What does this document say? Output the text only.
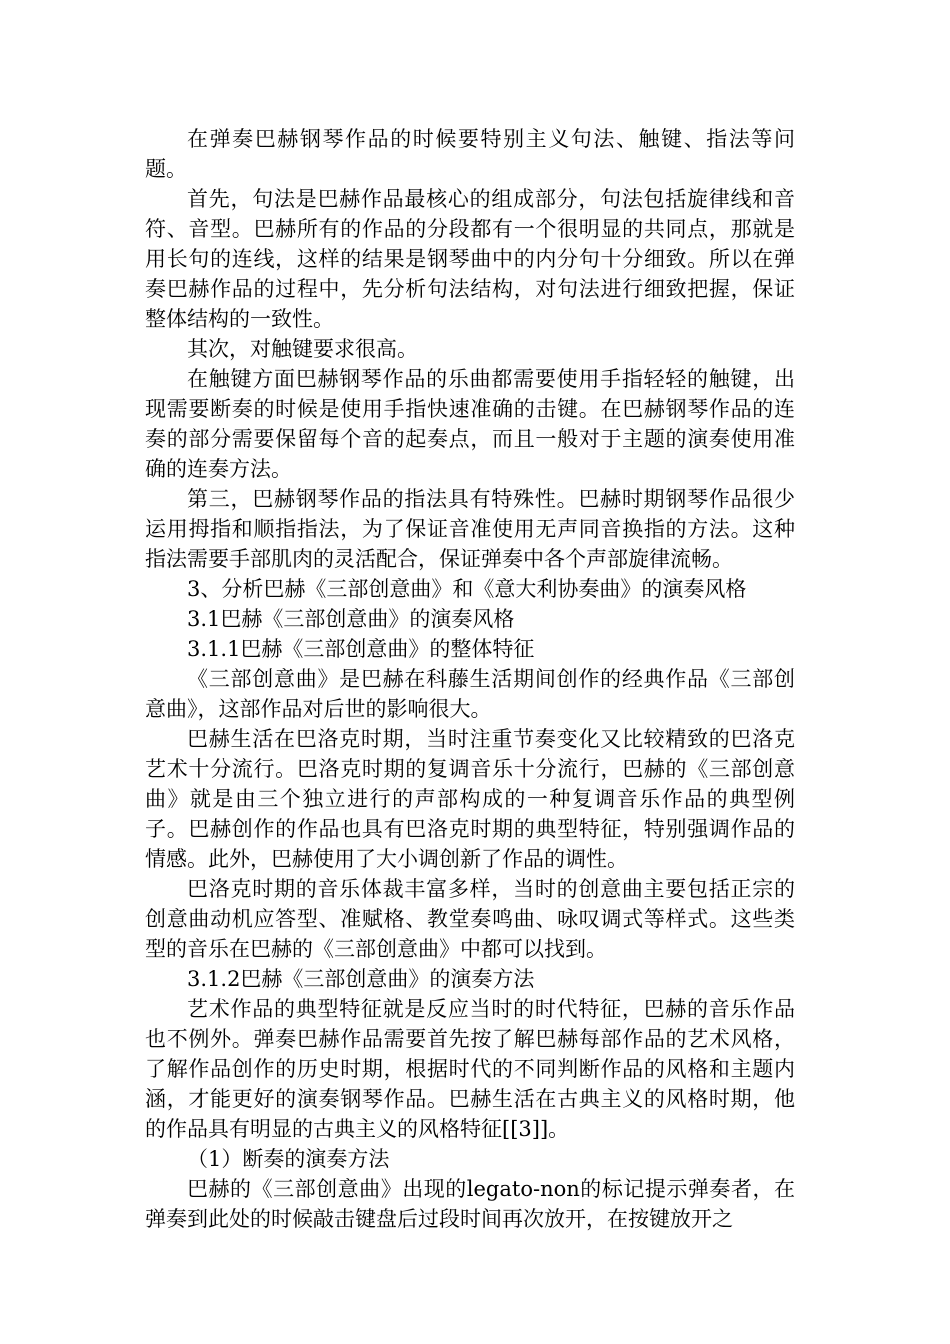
在弹奏巴赫钢琴作品的时候要特别主义句法、触键、指法等问题。

首先，句法是巴赫作品最核心的组成部分，句法包括旋律线和音符、音型。巴赫所有的作品的分段都有一个很明显的共同点，那就是用长句的连线，这样的结果是钢琴曲中的内分句十分细致。所以在弹奏巴赫作品的过程中，先分析句法结构，对句法进行细致把握，保证整体结构的一致性。

其次，对触键要求很高。

在触键方面巴赫钢琴作品的乐曲都需要使用手指轻轻的触键，出现需要断奏的时候是使用手指快速准确的击键。在巴赫钢琴作品的连奏的部分需要保留每个音的起奏点，而且一般对于主题的演奏使用准确的连奏方法。

第三，巴赫钢琴作品的指法具有特殊性。巴赫时期钢琴作品很少运用拇指和顺指指法，为了保证音准使用无声同音换指的方法。这种指法需要手部肌肉的灵活配合，保证弹奏中各个声部旋律流畅。

3、分析巴赫《三部创意曲》和《意大利协奏曲》的演奏风格

3.1巴赫《三部创意曲》的演奏风格

3.1.1巴赫《三部创意曲》的整体特征

《三部创意曲》是巴赫在科藤生活期间创作的经典作品《三部创意曲》，这部作品对后世的影响很大。

巴赫生活在巴洛克时期，当时注重节奏变化又比较精致的巴洛克艺术十分流行。巴洛克时期的复调音乐十分流行，巴赫的《三部创意曲》就是由三个独立进行的声部构成的一种复调音乐作品的典型例子。巴赫创作的作品也具有巴洛克时期的典型特征，特别强调作品的情感。此外，巴赫使用了大小调创新了作品的调性。

巴洛克时期的音乐体裁丰富多样，当时的创意曲主要包括正宗的创意曲动机应答型、准赋格、教堂奏鸣曲、咏叹调式等样式。这些类型的音乐在巴赫的《三部创意曲》中都可以找到。

3.1.2巴赫《三部创意曲》的演奏方法

艺术作品的典型特征就是反应当时的时代特征，巴赫的音乐作品也不例外。弹奏巴赫作品需要首先按了解巴赫每部作品的艺术风格，了解作品创作的历史时期，根据时代的不同判断作品的风格和主题内涵，才能更好的演奏钢琴作品。巴赫生活在古典主义的风格时期，他的作品具有明显的古典主义的风格特征[[3]]。

（1）断奏的演奏方法

巴赫的《三部创意曲》出现的legato-non的标记提示弹奏者，在弹奏到此处的时候敲击键盘后过段时间再次放开，在按键放开之
